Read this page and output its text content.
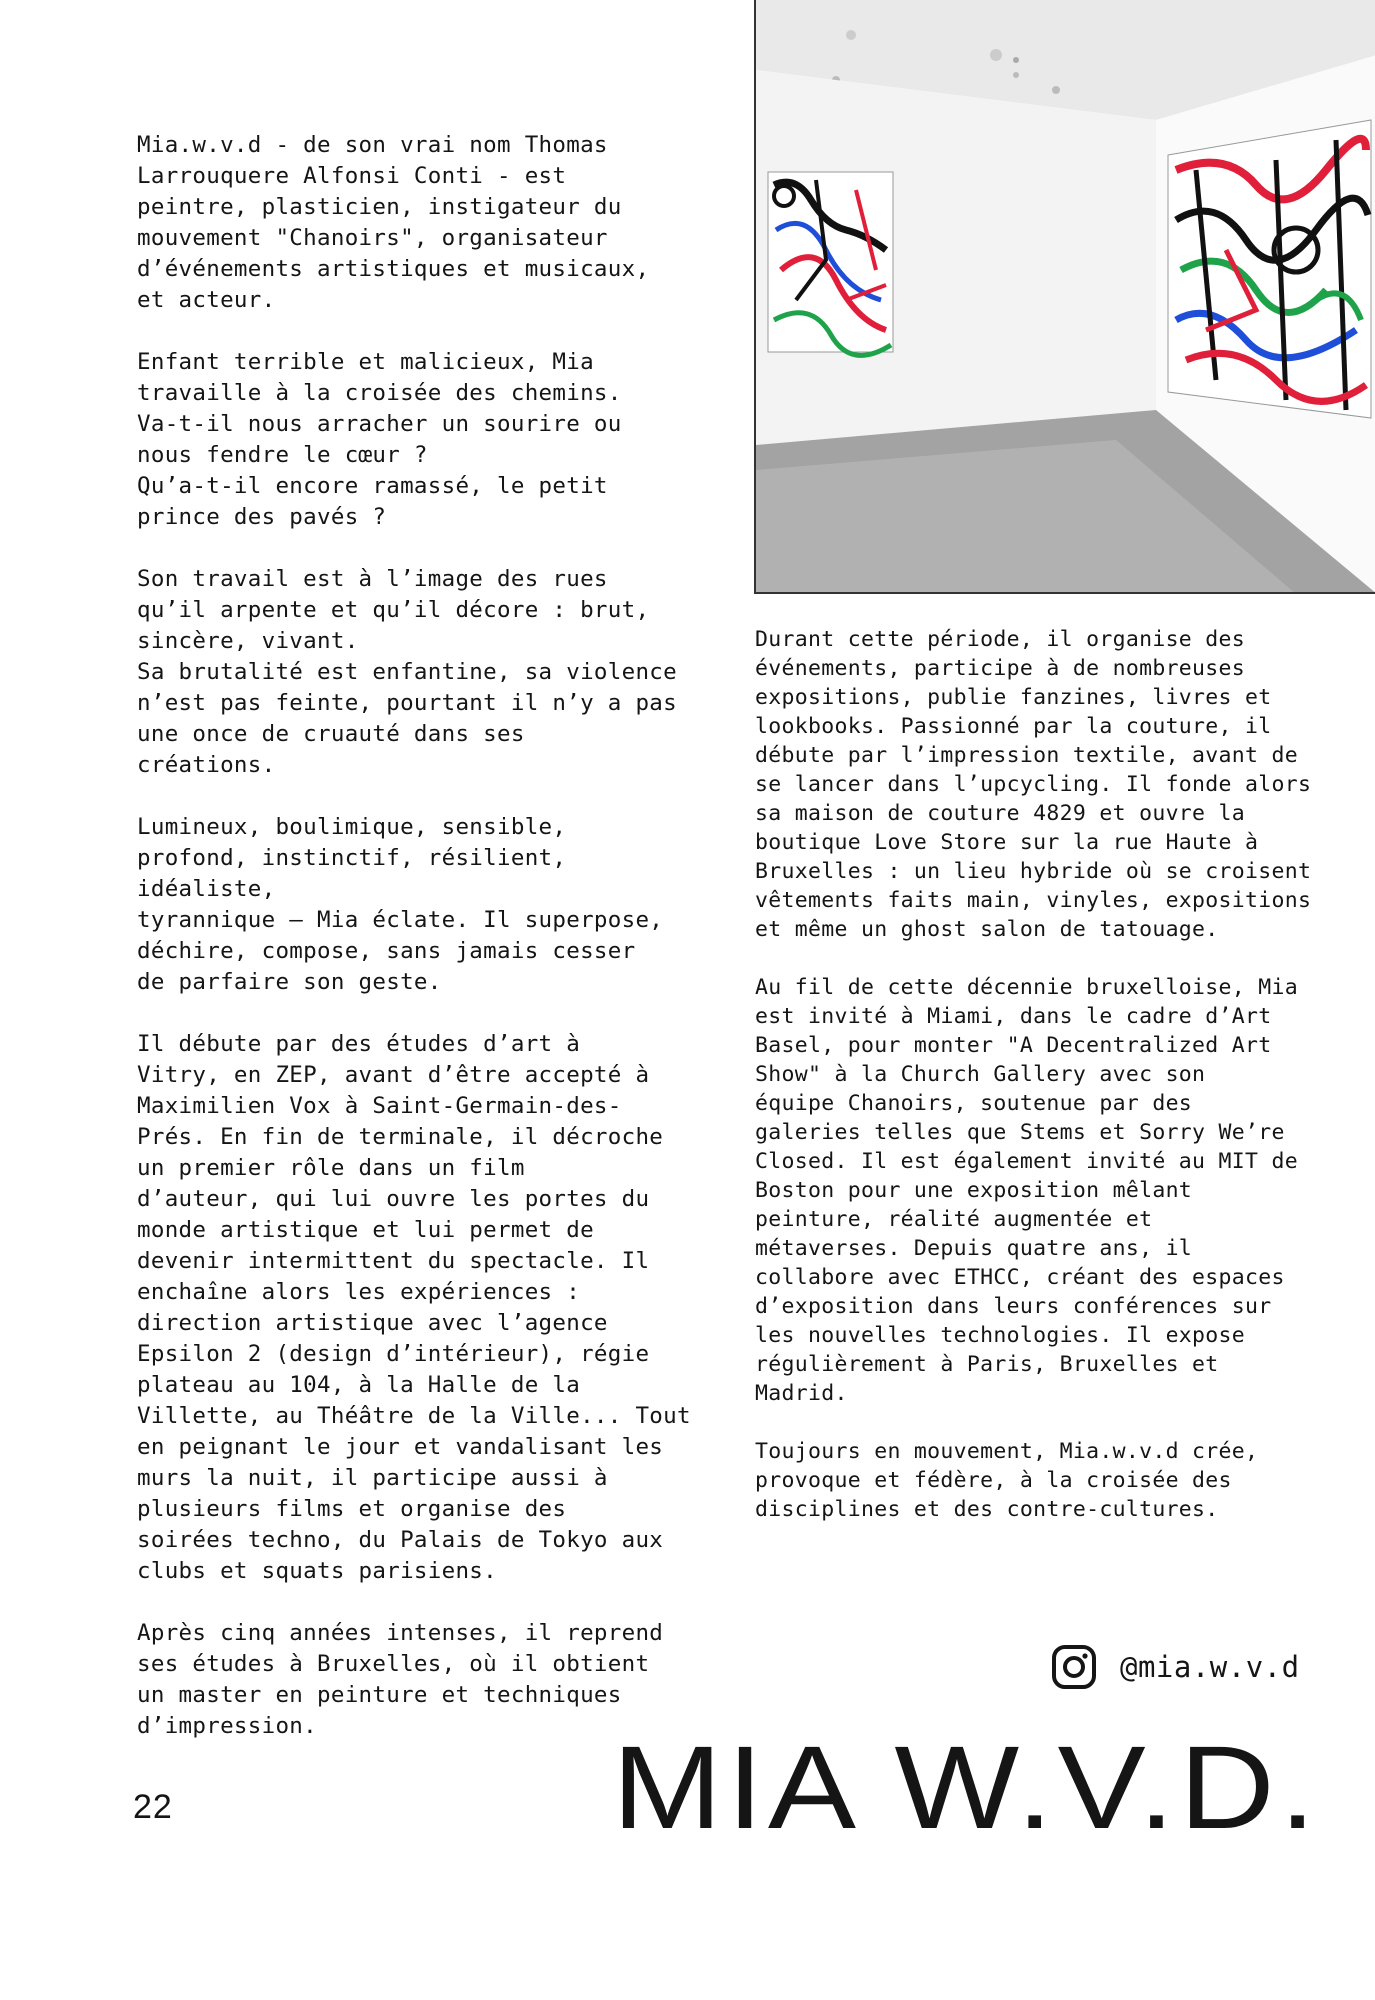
Mia.w.v.d - de son vrai nom Thomas
Larrouquere Alfonsi Conti - est
peintre, plasticien, instigateur du
mouvement "Chanoirs", organisateur
d’événements artistiques et musicaux,
et acteur.

Enfant terrible et malicieux, Mia
travaille à la croisée des chemins.
Va-t-il nous arracher un sourire ou
nous fendre le cœur ?
Qu’a-t-il encore ramassé, le petit
prince des pavés ?

Son travail est à l’image des rues
qu’il arpente et qu’il décore : brut,
sincère, vivant.
Sa brutalité est enfantine, sa violence
n’est pas feinte, pourtant il n’y a pas
une once de cruauté dans ses
créations.

Lumineux, boulimique, sensible,
profond, instinctif, résilient, idéaliste,
tyrannique — Mia éclate. Il superpose,
déchire, compose, sans jamais cesser
de parfaire son geste.

Il débute par des études d’art à
Vitry, en ZEP, avant d’être accepté à
Maximilien Vox à Saint-Germain-des-
Prés. En fin de terminale, il décroche
un premier rôle dans un film
d’auteur, qui lui ouvre les portes du
monde artistique et lui permet de
devenir intermittent du spectacle. Il
enchaîne alors les expériences :
direction artistique avec l’agence
Epsilon 2 (design d’intérieur), régie
plateau au 104, à la Halle de la
Villette, au Théâtre de la Ville... Tout
en peignant le jour et vandalisant les
murs la nuit, il participe aussi à
plusieurs films et organise des
soirées techno, du Palais de Tokyo aux
clubs et squats parisiens.

Après cinq années intenses, il reprend
ses études à Bruxelles, où il obtient
un master en peinture et techniques
d’impression.

Durant cette période, il organise des
événements, participe à de nombreuses
expositions, publie fanzines, livres et
lookbooks. Passionné par la couture, il
débute par l’impression textile, avant de
se lancer dans l’upcycling. Il fonde alors
sa maison de couture 4829 et ouvre la
boutique Love Store sur la rue Haute à
Bruxelles : un lieu hybride où se croisent
vêtements faits main, vinyles, expositions
et même un ghost salon de tatouage.

Au fil de cette décennie bruxelloise, Mia
est invité à Miami, dans le cadre d’Art
Basel, pour monter "A Decentralized Art
Show" à la Church Gallery avec son
équipe Chanoirs, soutenue par des
galeries telles que Stems et Sorry We’re
Closed. Il est également invité au MIT de
Boston pour une exposition mêlant
peinture, réalité augmentée et
métaverses. Depuis quatre ans, il
collabore avec ETHCC, créant des espaces
d’exposition dans leurs conférences sur
les nouvelles technologies. Il expose
régulièrement à Paris, Bruxelles et
Madrid.

Toujours en mouvement, Mia.w.v.d crée,
provoque et fédère, à la croisée des
disciplines et des contre-cultures.

@mia.w.v.d
22	MIA W.V.D.
